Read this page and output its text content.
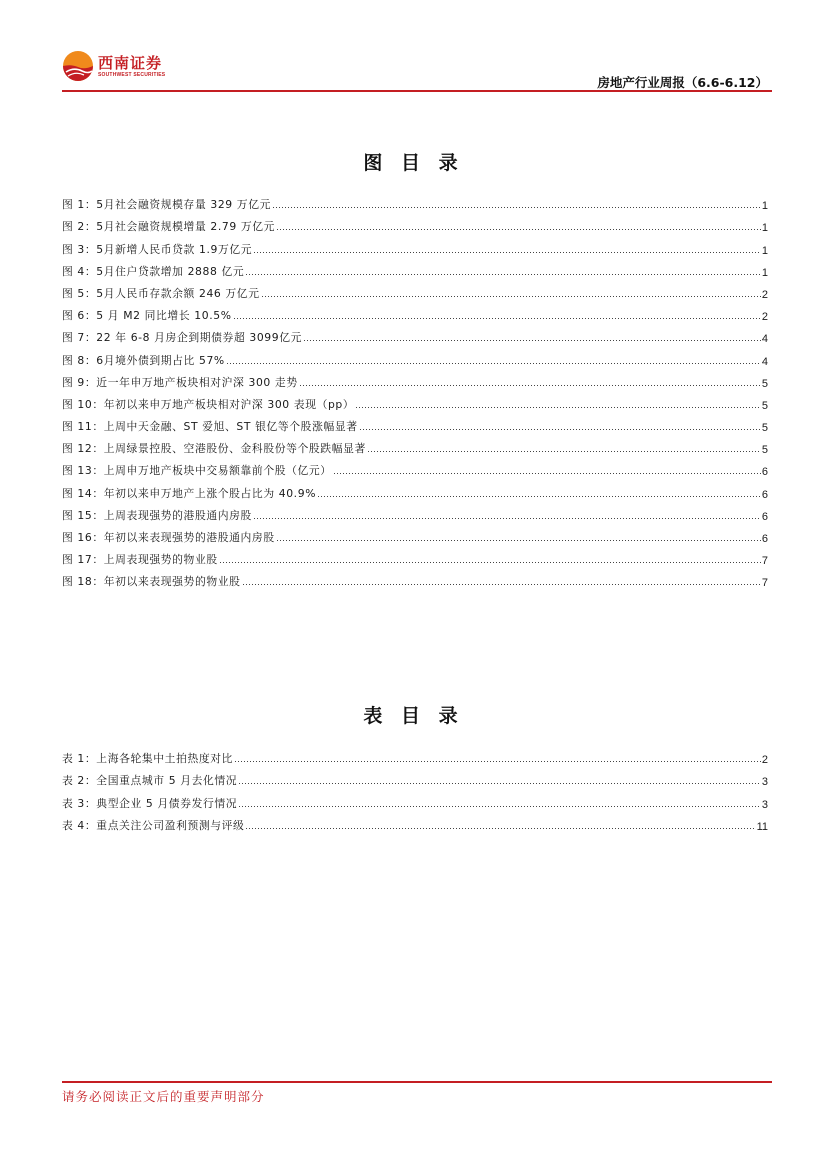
西南证券
SOUTHWEST SECURITIES
房地产行业周报（6.6-6.12）
图 目 录
图 1：5月社会融资规模存量 329 万亿元	1
图 2：5月社会融资规模增量 2.79 万亿元	1
图 3：5月新增人民币贷款 1.9万亿元	1
图 4：5月住户贷款增加 2888 亿元	1
图 5：5月人民币存款余额 246 万亿元	2
图 6：5 月 M2 同比增长 10.5%	2
图 7：22 年 6-8 月房企到期债券超 3099亿元	4
图 8：6月境外债到期占比 57%	4
图 9：近一年申万地产板块相对沪深 300 走势	5
图 10：年初以来申万地产板块相对沪深 300 表现（pp）	5
图 11：上周中天金融、ST 爱旭、ST 银亿等个股涨幅显著	5
图 12：上周绿景控股、空港股份、金科股份等个股跌幅显著	5
图 13：上周申万地产板块中交易额靠前个股（亿元）	6
图 14：年初以来申万地产上涨个股占比为 40.9%	6
图 15：上周表现强势的港股通内房股	6
图 16：年初以来表现强势的港股通内房股	6
图 17：上周表现强势的物业股	7
图 18：年初以来表现强势的物业股	7
表 目 录
表 1：上海各轮集中土拍热度对比	2
表 2：全国重点城市 5 月去化情况	3
表 3：典型企业 5 月债券发行情况	3
表 4：重点关注公司盈利预测与评级	11
请务必阅读正文后的重要声明部分
